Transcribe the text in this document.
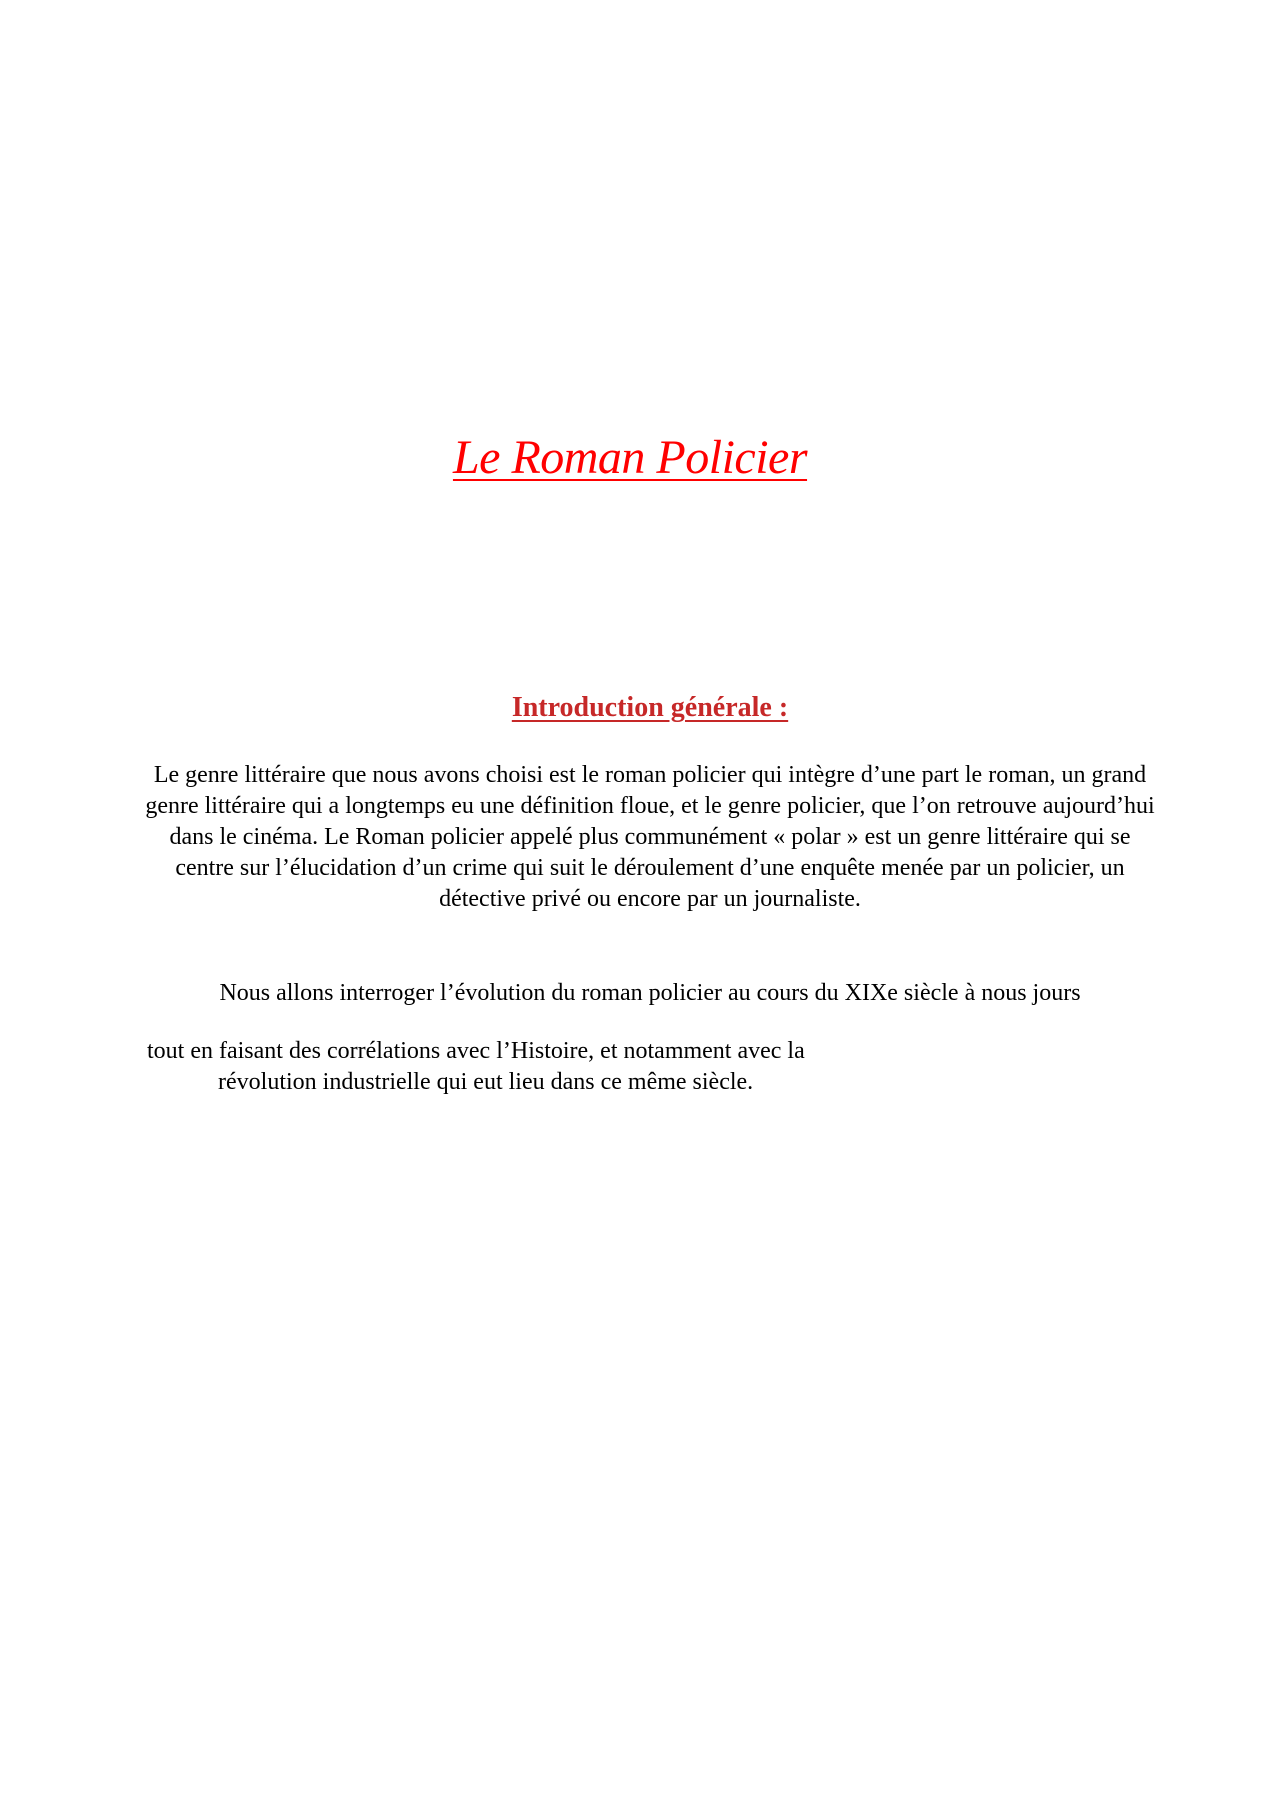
Le Roman Policier
Introduction générale :

Le genre littéraire que nous avons choisi est le roman policier qui intègre d’une part le roman, un grand genre littéraire qui a longtemps eu une définition floue, et le genre policier, que l’on retrouve aujourd’hui dans le cinéma. Le Roman policier appelé plus communément « polar » est un genre littéraire qui se centre sur l’élucidation d’un crime qui suit le déroulement d’une enquête menée par un policier, un détective privé ou encore par un journaliste.

Nous allons interroger l’évolution du roman policier au cours du XIXe siècle à nous jours

tout en faisant des corrélations avec l’Histoire, et notamment avec la

révolution industrielle qui eut lieu dans ce même siècle.
